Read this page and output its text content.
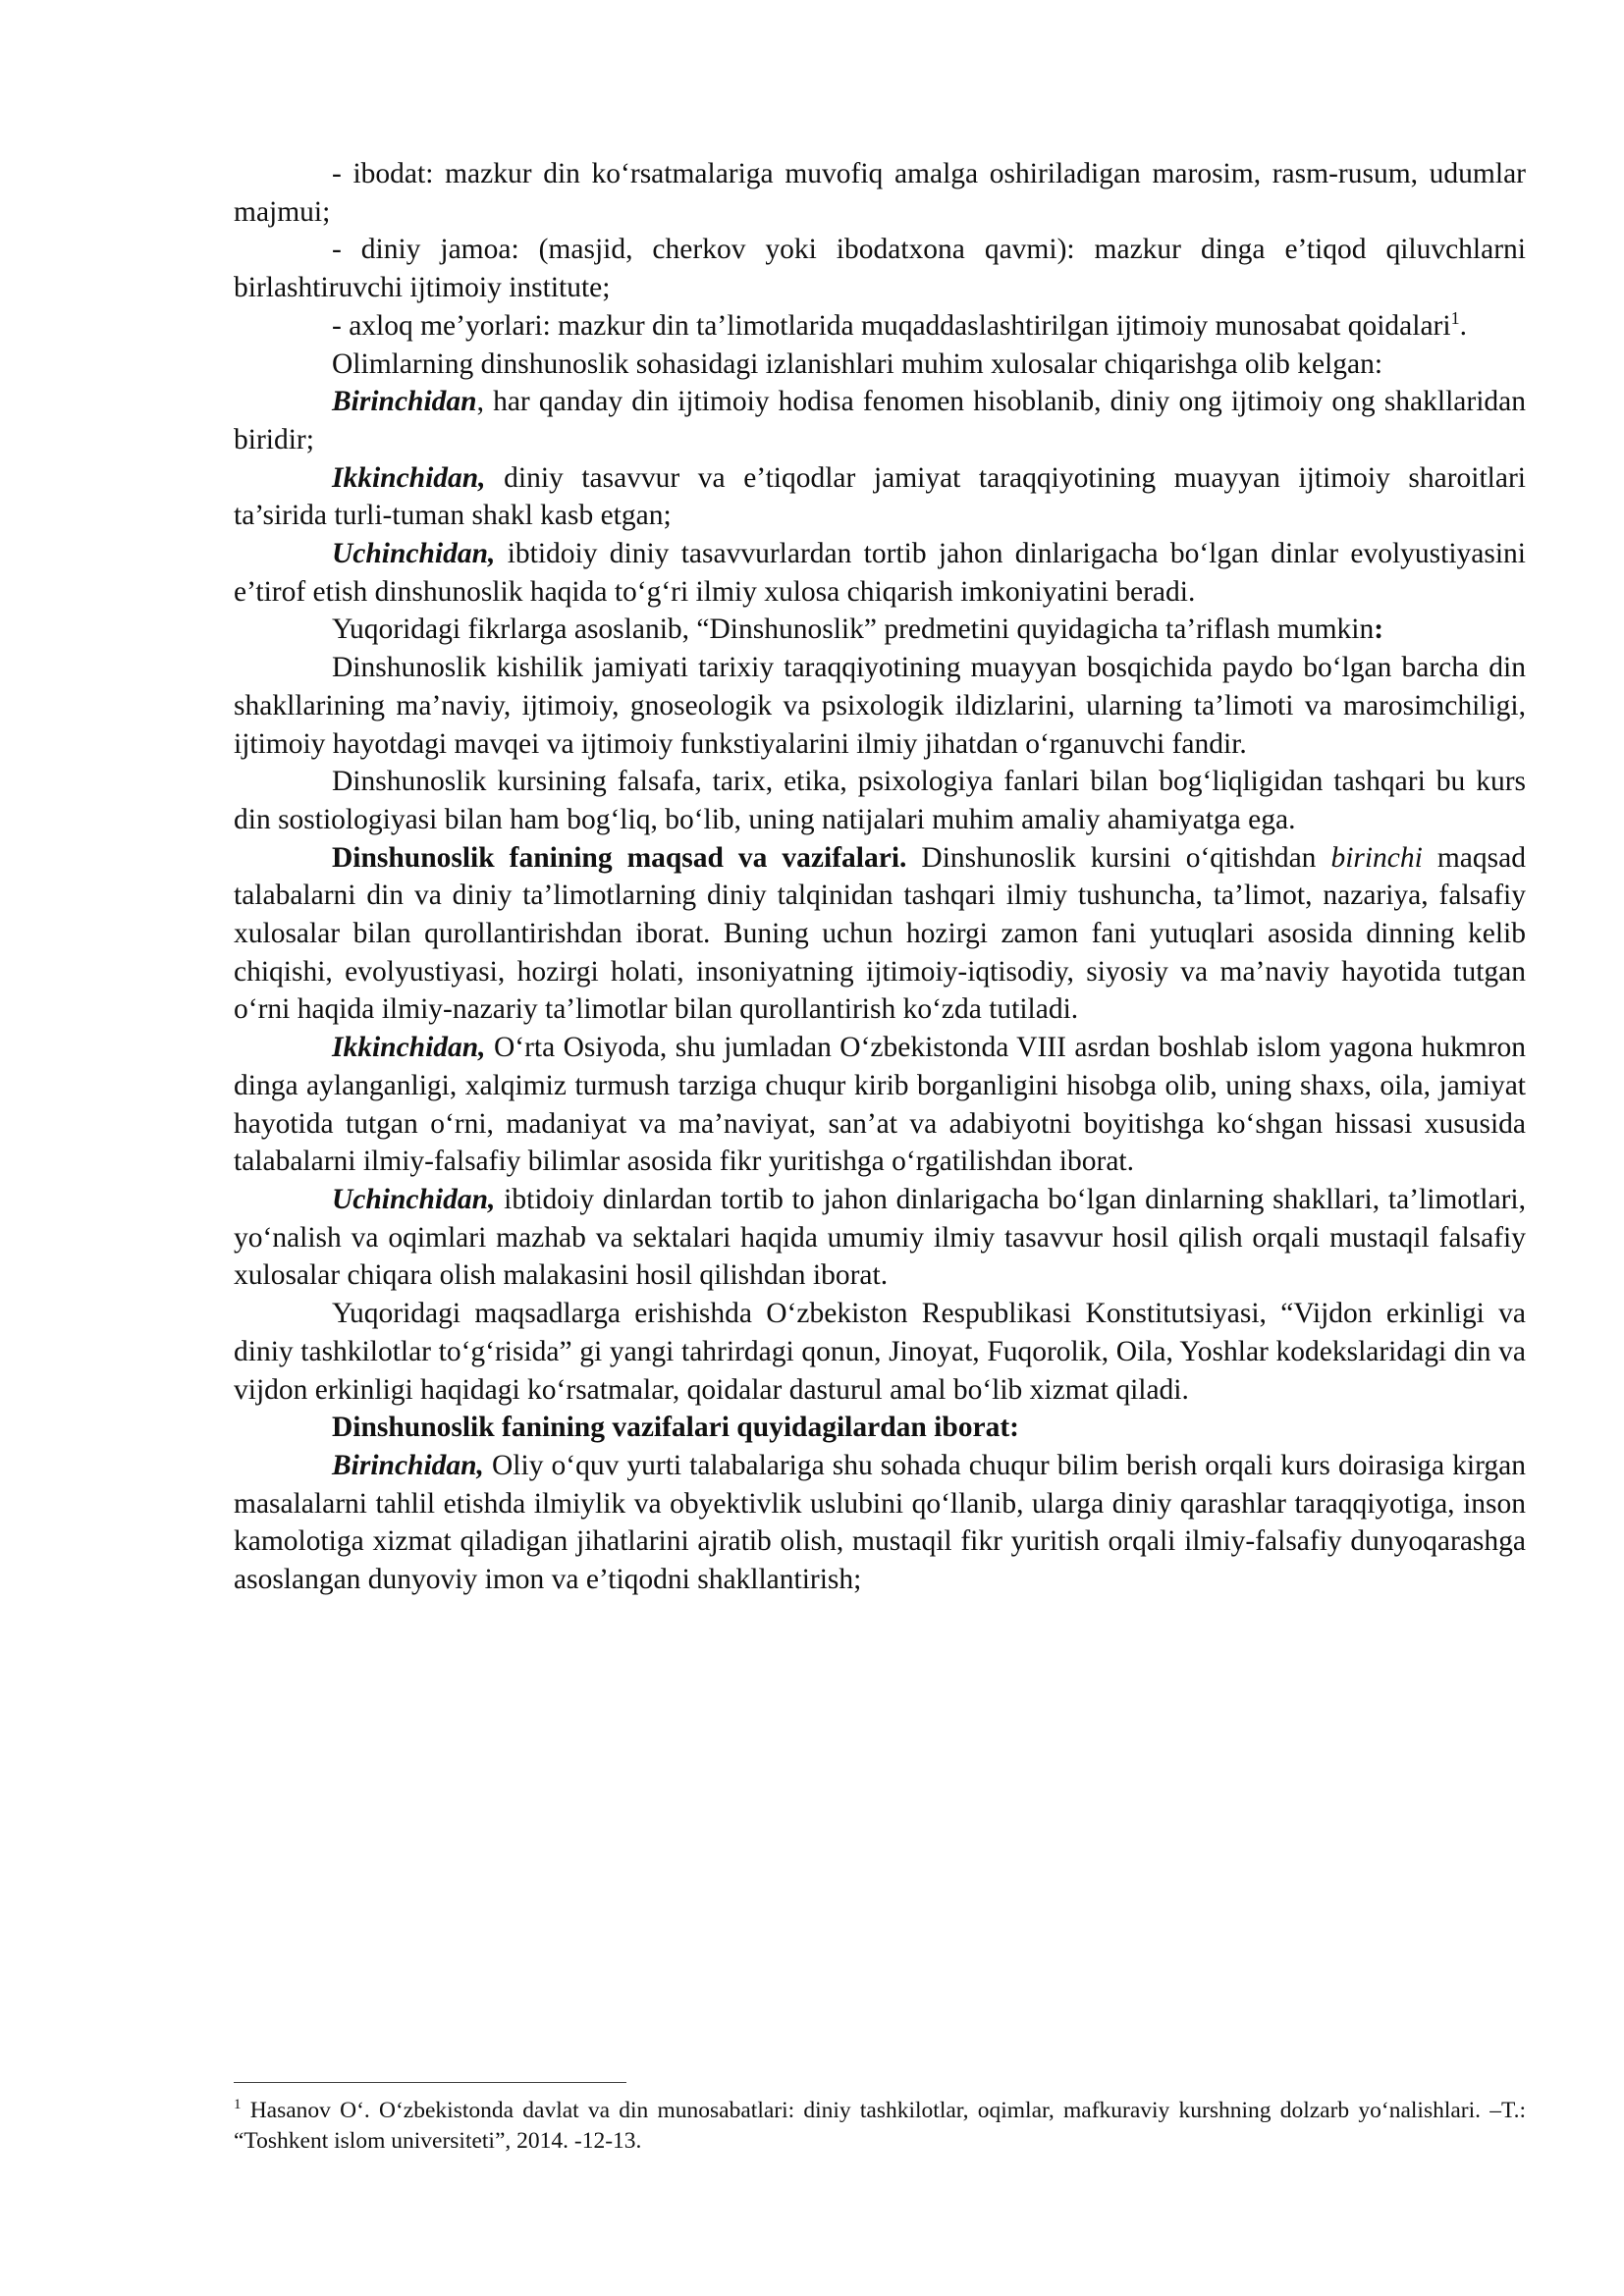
- ibodat: mazkur din ko‘rsatmalariga muvofiq amalga oshiriladigan marosim, rasm-rusum, udumlar majmui;

- diniy jamoa: (masjid, cherkov yoki ibodatxona qavmi): mazkur dinga e’tiqod qiluvchlarni birlashtiruvchi ijtimoiy institute;

- axloq me’yorlari: mazkur din ta’limotlarida muqaddaslashtirilgan ijtimoiy munosabat qoidalari$^1$.

Olimlarning dinshunoslik sohasidagi izlanishlari muhim xulosalar chiqarishga olib kelgan:

Birinchidan, har qanday din ijtimoiy hodisa fenomen hisoblanib, diniy ong ijtimoiy ong shakllaridan biridir;

Ikkinchidan, diniy tasavvur va e’tiqodlar jamiyat taraqqiyotining muayyan ijtimoiy sharoitlari ta’sirida turli-tuman shakl kasb etgan;

Uchinchidan, ibtidoiy diniy tasavvurlardan tortib jahon dinlarigacha bo‘lgan dinlar evolyustiyasini e’tirof etish dinshunoslik haqida to‘g‘ri ilmiy xulosa chiqarish imkoniyatini beradi.

Yuqoridagi fikrlarga asoslanib, “Dinshunoslik” predmetini quyidagicha ta’riflash mumkin:

Dinshunoslik kishilik jamiyati tarixiy taraqqiyotining muayyan bosqichida paydo bo‘lgan barcha din shakllarining ma’naviy, ijtimoiy, gnoseologik va psixologik ildizlarini, ularning ta’limoti va marosimchiligi, ijtimoiy hayotdagi mavqei va ijtimoiy funkstiyalarini ilmiy jihatdan o‘rganuvchi fandir.

Dinshunoslik kursining falsafa, tarix, etika, psixologiya fanlari bilan bog‘liqligidan tashqari bu kurs din sostiologiyasi bilan ham bog‘liq, bo‘lib, uning natijalari muhim amaliy ahamiyatga ega.

Dinshunoslik fanining maqsad va vazifalari. Dinshunoslik kursini o‘qitishdan birinchi maqsad talabalarni din va diniy ta’limotlarning diniy talqinidan tashqari ilmiy tushuncha, ta’limot, nazariya, falsafiy xulosalar bilan qurollantirishdan iborat. Buning uchun hozirgi zamon fani yutuqlari asosida dinning kelib chiqishi, evolyustiyasi, hozirgi holati, insoniyatning ijtimoiy-iqtisodiy, siyosiy va ma’naviy hayotida tutgan o‘rni haqida ilmiy-nazariy ta’limotlar bilan qurollantirish ko‘zda tutiladi.

Ikkinchidan, O‘rta Osiyoda, shu jumladan O‘zbekistonda VIII asrdan boshlab islom yagona hukmron dinga aylanganligi, xalqimiz turmush tarziga chuqur kirib borganligini hisobga olib, uning shaxs, oila, jamiyat hayotida tutgan o‘rni, madaniyat va ma’naviyat, san’at va adabiyotni boyitishga ko‘shgan hissasi xususida talabalarni ilmiy-falsafiy bilimlar asosida fikr yuritishga o‘rgatilishdan iborat.

Uchinchidan, ibtidoiy dinlardan tortib to jahon dinlarigacha bo‘lgan dinlarning shakllari, ta’limotlari, yo‘nalish va oqimlari mazhab va sektalari haqida umumiy ilmiy tasavvur hosil qilish orqali mustaqil falsafiy xulosalar chiqara olish malakasini hosil qilishdan iborat.

Yuqoridagi maqsadlarga erishishda O‘zbekiston Respublikasi Konstitutsiyasi, “Vijdon erkinligi va diniy tashkilotlar to‘g‘risida” gi yangi tahrirdagi qonun, Jinoyat, Fuqorolik, Oila, Yoshlar kodekslaridagi din va vijdon erkinligi haqidagi ko‘rsatmalar, qoidalar dasturul amal bo‘lib xizmat qiladi.

Dinshunoslik fanining vazifalari quyidagilardan iborat:

Birinchidan, Oliy o‘quv yurti talabalariga shu sohada chuqur bilim berish orqali kurs doirasiga kirgan masalalarni tahlil etishda ilmiylik va obyektivlik uslubini qo‘llanib, ularga diniy qarashlar taraqqiyotiga, inson kamolotiga xizmat qiladigan jihatlarini ajratib olish, mustaqil fikr yuritish orqali ilmiy-falsafiy dunyoqarashga asoslangan dunyoviy imon va e’tiqodni shakllantirish;

$^1$ Hasanov O‘. O‘zbekistonda davlat va din munosabatlari: diniy tashkilotlar, oqimlar, mafkuraviy kurshning dolzarb yo‘nalishlari. –T.: “Toshkent islom universiteti”, 2014. -12-13.
